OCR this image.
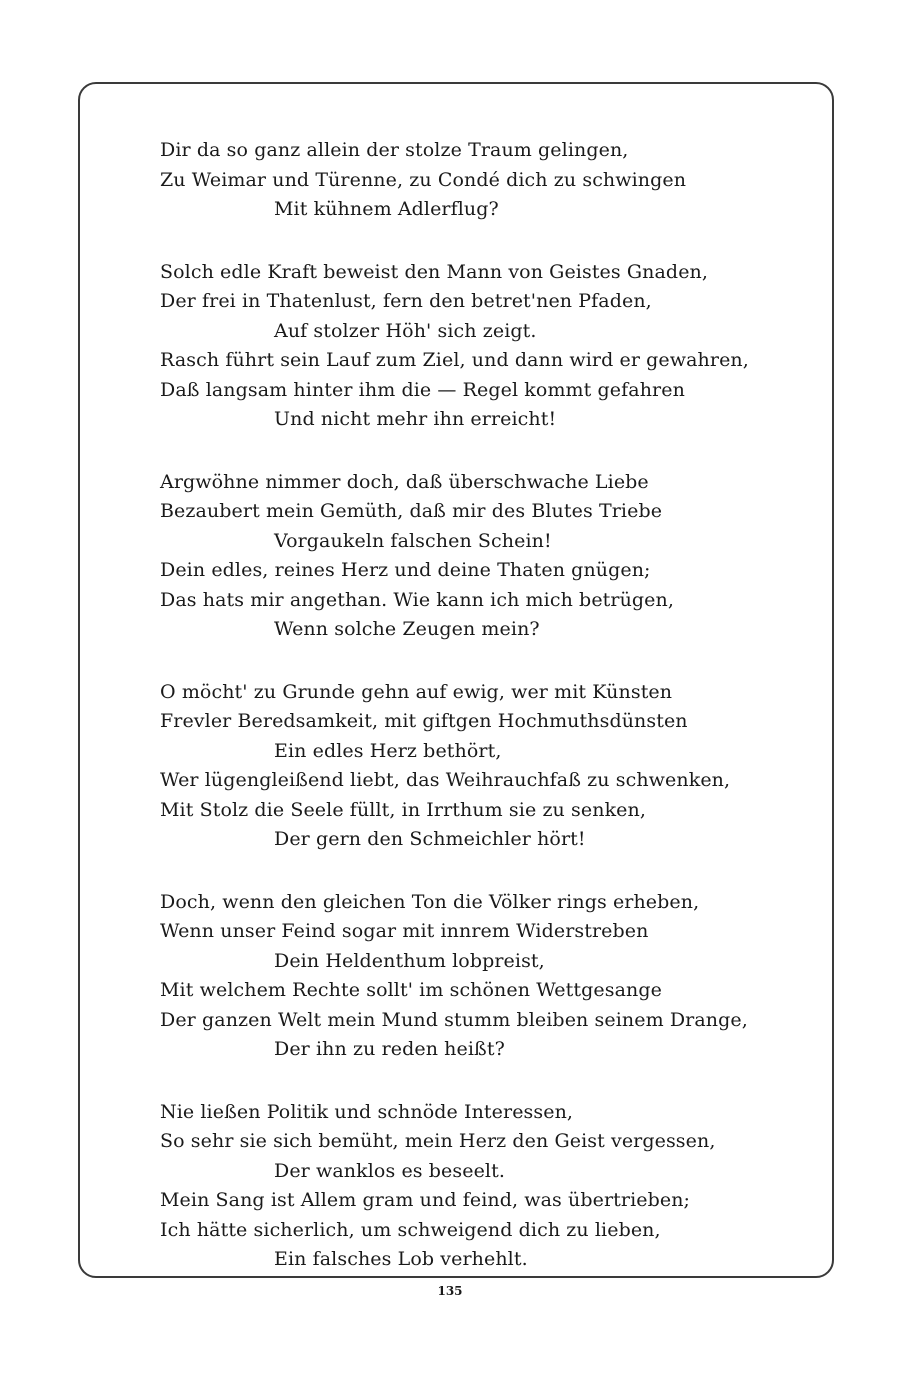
Dir da so ganz allein der stolze Traum gelingen,
Zu Weimar und Türenne, zu Condé dich zu schwingen
Mit kühnem Adlerflug?
Solch edle Kraft beweist den Mann von Geistes Gnaden,
Der frei in Thatenlust, fern den betret'nen Pfaden,
Auf stolzer Höh' sich zeigt.
Rasch führt sein Lauf zum Ziel, und dann wird er gewahren,
Daß langsam hinter ihm die — Regel kommt gefahren
Und nicht mehr ihn erreicht!
Argwöhne nimmer doch, daß überschwache Liebe
Bezaubert mein Gemüth, daß mir des Blutes Triebe
Vorgaukeln falschen Schein!
Dein edles, reines Herz und deine Thaten gnügen;
Das hats mir angethan. Wie kann ich mich betrügen,
Wenn solche Zeugen mein?
O möcht' zu Grunde gehn auf ewig, wer mit Künsten
Frevler Beredsamkeit, mit giftgen Hochmuthsdünsten
Ein edles Herz bethört,
Wer lügengleißend liebt, das Weihrauchfaß zu schwenken,
Mit Stolz die Seele füllt, in Irrthum sie zu senken,
Der gern den Schmeichler hört!
Doch, wenn den gleichen Ton die Völker rings erheben,
Wenn unser Feind sogar mit innrem Widerstreben
Dein Heldenthum lobpreist,
Mit welchem Rechte sollt' im schönen Wettgesange
Der ganzen Welt mein Mund stumm bleiben seinem Drange,
Der ihn zu reden heißt?
Nie ließen Politik und schnöde Interessen,
So sehr sie sich bemüht, mein Herz den Geist vergessen,
Der wanklos es beseelt.
Mein Sang ist Allem gram und feind, was übertrieben;
Ich hätte sicherlich, um schweigend dich zu lieben,
Ein falsches Lob verhehlt.
135
